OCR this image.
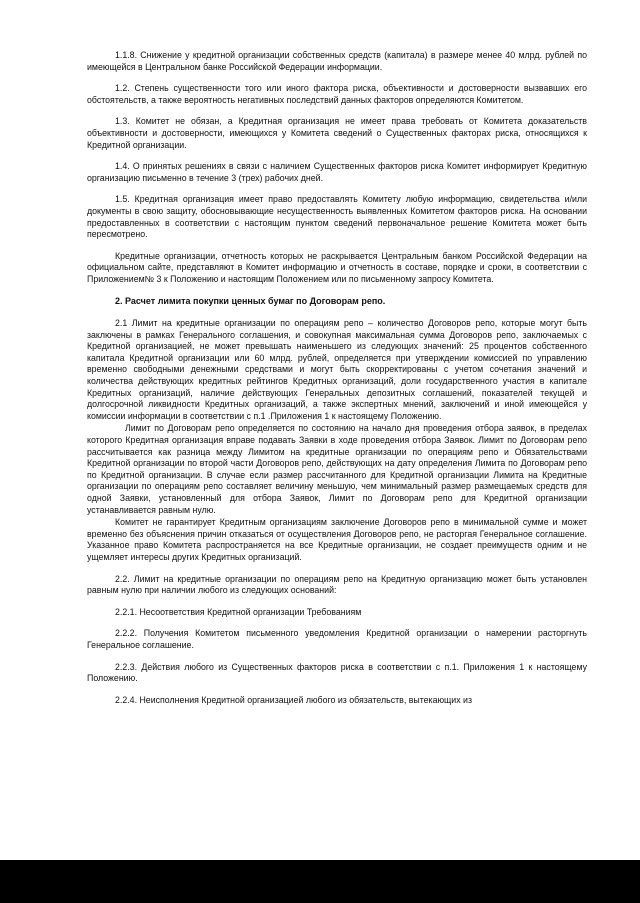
1.1.8. Снижение у кредитной организации собственных средств (капитала) в размере менее 40 млрд. рублей по имеющейся в Центральном банке Российской Федерации информации.

1.2. Степень существенности того или иного фактора риска, объективности и достоверности вызвавших его обстоятельств, а также вероятность негативных последствий данных факторов определяются Комитетом.

1.3. Комитет не обязан, а Кредитная организация не имеет права требовать от Комитета доказательств объективности и достоверности, имеющихся у Комитета сведений о Существенных факторах риска, относящихся к Кредитной организации.

1.4. О принятых решениях в связи с наличием Существенных факторов риска Комитет информирует Кредитную организацию письменно в течение 3 (трех) рабочих дней.

1.5. Кредитная организация имеет право предоставлять Комитету любую информацию, свидетельства и/или документы в свою защиту, обосновывающие несущественность выявленных Комитетом факторов риска. На основании предоставленных в соответствии с настоящим пунктом сведений первоначальное решение Комитета может быть пересмотрено.

Кредитные организации, отчетность которых не раскрывается Центральным банком Российской Федерации на официальном сайте, представляют в Комитет информацию и отчетность в составе, порядке и сроки, в соответствии с Приложением№ 3 к Положению и настоящим Положением или по письменному запросу Комитета.

2. Расчет лимита покупки ценных бумаг по Договорам репо.

2.1 Лимит на кредитные организации по операциям репо – количество Договоров репо, которые могут быть заключены в рамках Генерального соглашения, и совокупная максимальная сумма Договоров репо, заключаемых с Кредитной организацией, не может превышать наименьшего из следующих значений: 25 процентов собственного капитала Кредитной организации или 60 млрд. рублей, определяется при утверждении комиссией по управлению временно свободными денежными средствами и могут быть скорректированы с учетом сочетания значений и количества действующих кредитных рейтингов Кредитных организаций, доли государственного участия в капитале Кредитных организаций, наличие действующих Генеральных депозитных соглашений, показателей текущей и долгосрочной ликвидности Кредитных организаций, а также экспертных мнений, заключений и иной имеющейся у комиссии информации в соответствии с п.1 .Приложения 1 к настоящему Положению.

Лимит по Договорам репо определяется по состоянию на начало дня проведения отбора заявок, в пределах которого Кредитная организация вправе подавать Заявки в ходе проведения отбора Заявок. Лимит по Договорам репо рассчитывается как разница между Лимитом на кредитные организации по операциям репо и Обязательствами Кредитной организации по второй части Договоров репо, действующих на дату определения Лимита по Договорам репо по Кредитной организации. В случае если размер рассчитанного для Кредитной организации Лимита на Кредитные организации по операциям репо составляет величину меньшую, чем минимальный размер размещаемых средств для одной Заявки, установленный для отбора Заявок, Лимит по Договорам репо для Кредитной организации устанавливается равным нулю.

Комитет не гарантирует Кредитным организациям заключение Договоров репо в минимальной сумме и может временно без объяснения причин отказаться от осуществления Договоров репо, не расторгая Генеральное соглашение. Указанное право Комитета распространяется на все Кредитные организации, не создает преимуществ одним и не ущемляет интересы других Кредитных организаций.

2.2. Лимит на кредитные организации по операциям репо на Кредитную организацию может быть установлен равным нулю при наличии любого из следующих оснований:

2.2.1. Несоответствия Кредитной организации Требованиям

2.2.2. Получения Комитетом письменного уведомления Кредитной организации о намерении расторгнуть Генеральное соглашение.

2.2.3. Действия любого из Существенных факторов риска в соответствии с п.1. Приложения 1 к настоящему Положению.

2.2.4. Неисполнения Кредитной организацией любого из обязательств, вытекающих из
